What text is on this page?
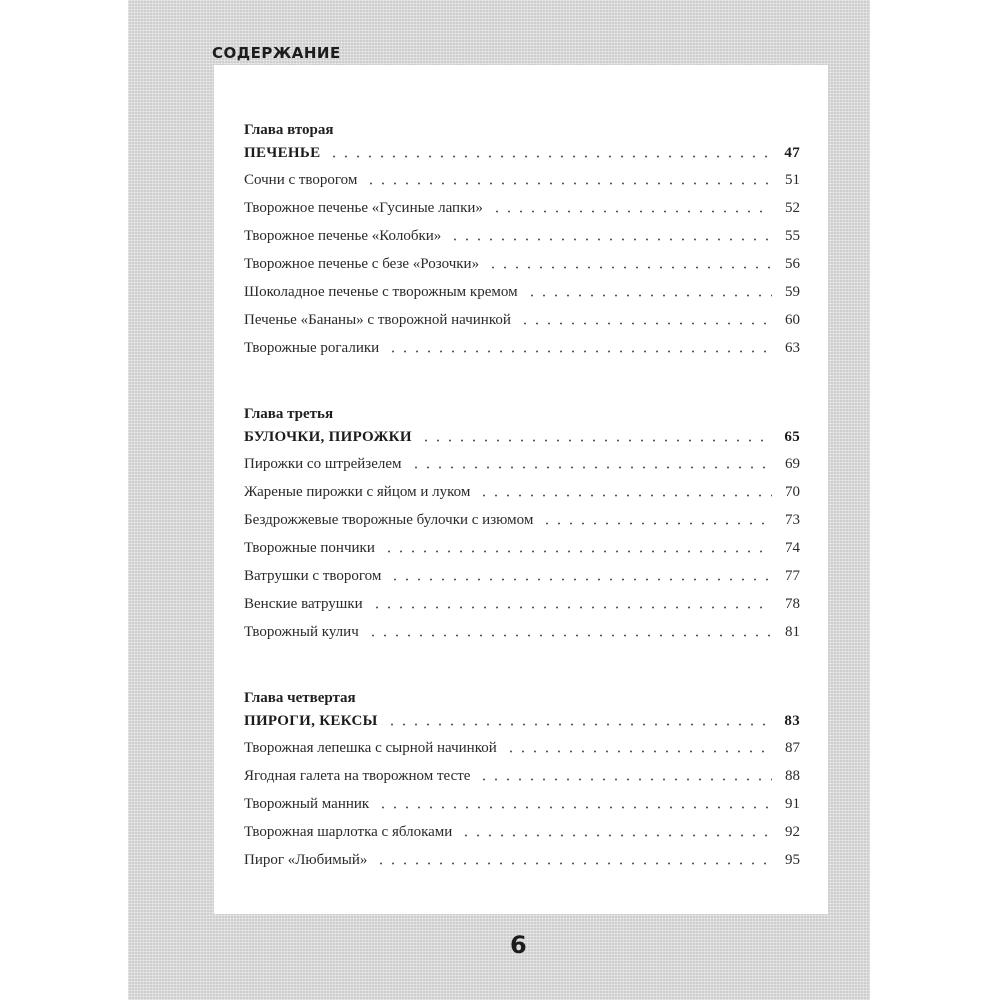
СОДЕРЖАНИЕ
Глава вторая
ПЕЧЕНЬЕ	47
Сочни с творогом	51
Творожное печенье «Гусиные лапки»	52
Творожное печенье «Колобки»	55
Творожное печенье с безе «Розочки»	56
Шоколадное печенье с творожным кремом	59
Печенье «Бананы» с творожной начинкой	60
Творожные рогалики	63
Глава третья
БУЛОЧКИ, ПИРОЖКИ	65
Пирожки со штрейзелем	69
Жареные пирожки с яйцом и луком	70
Бездрожжевые творожные булочки с изюмом	73
Творожные пончики	74
Ватрушки с творогом	77
Венские ватрушки	78
Творожный кулич	81
Глава четвертая
ПИРОГИ, КЕКСЫ	83
Творожная лепешка с сырной начинкой	87
Ягодная галета на творожном тесте	88
Творожный манник	91
Творожная шарлотка с яблоками	92
Пирог «Любимый»	95
6
